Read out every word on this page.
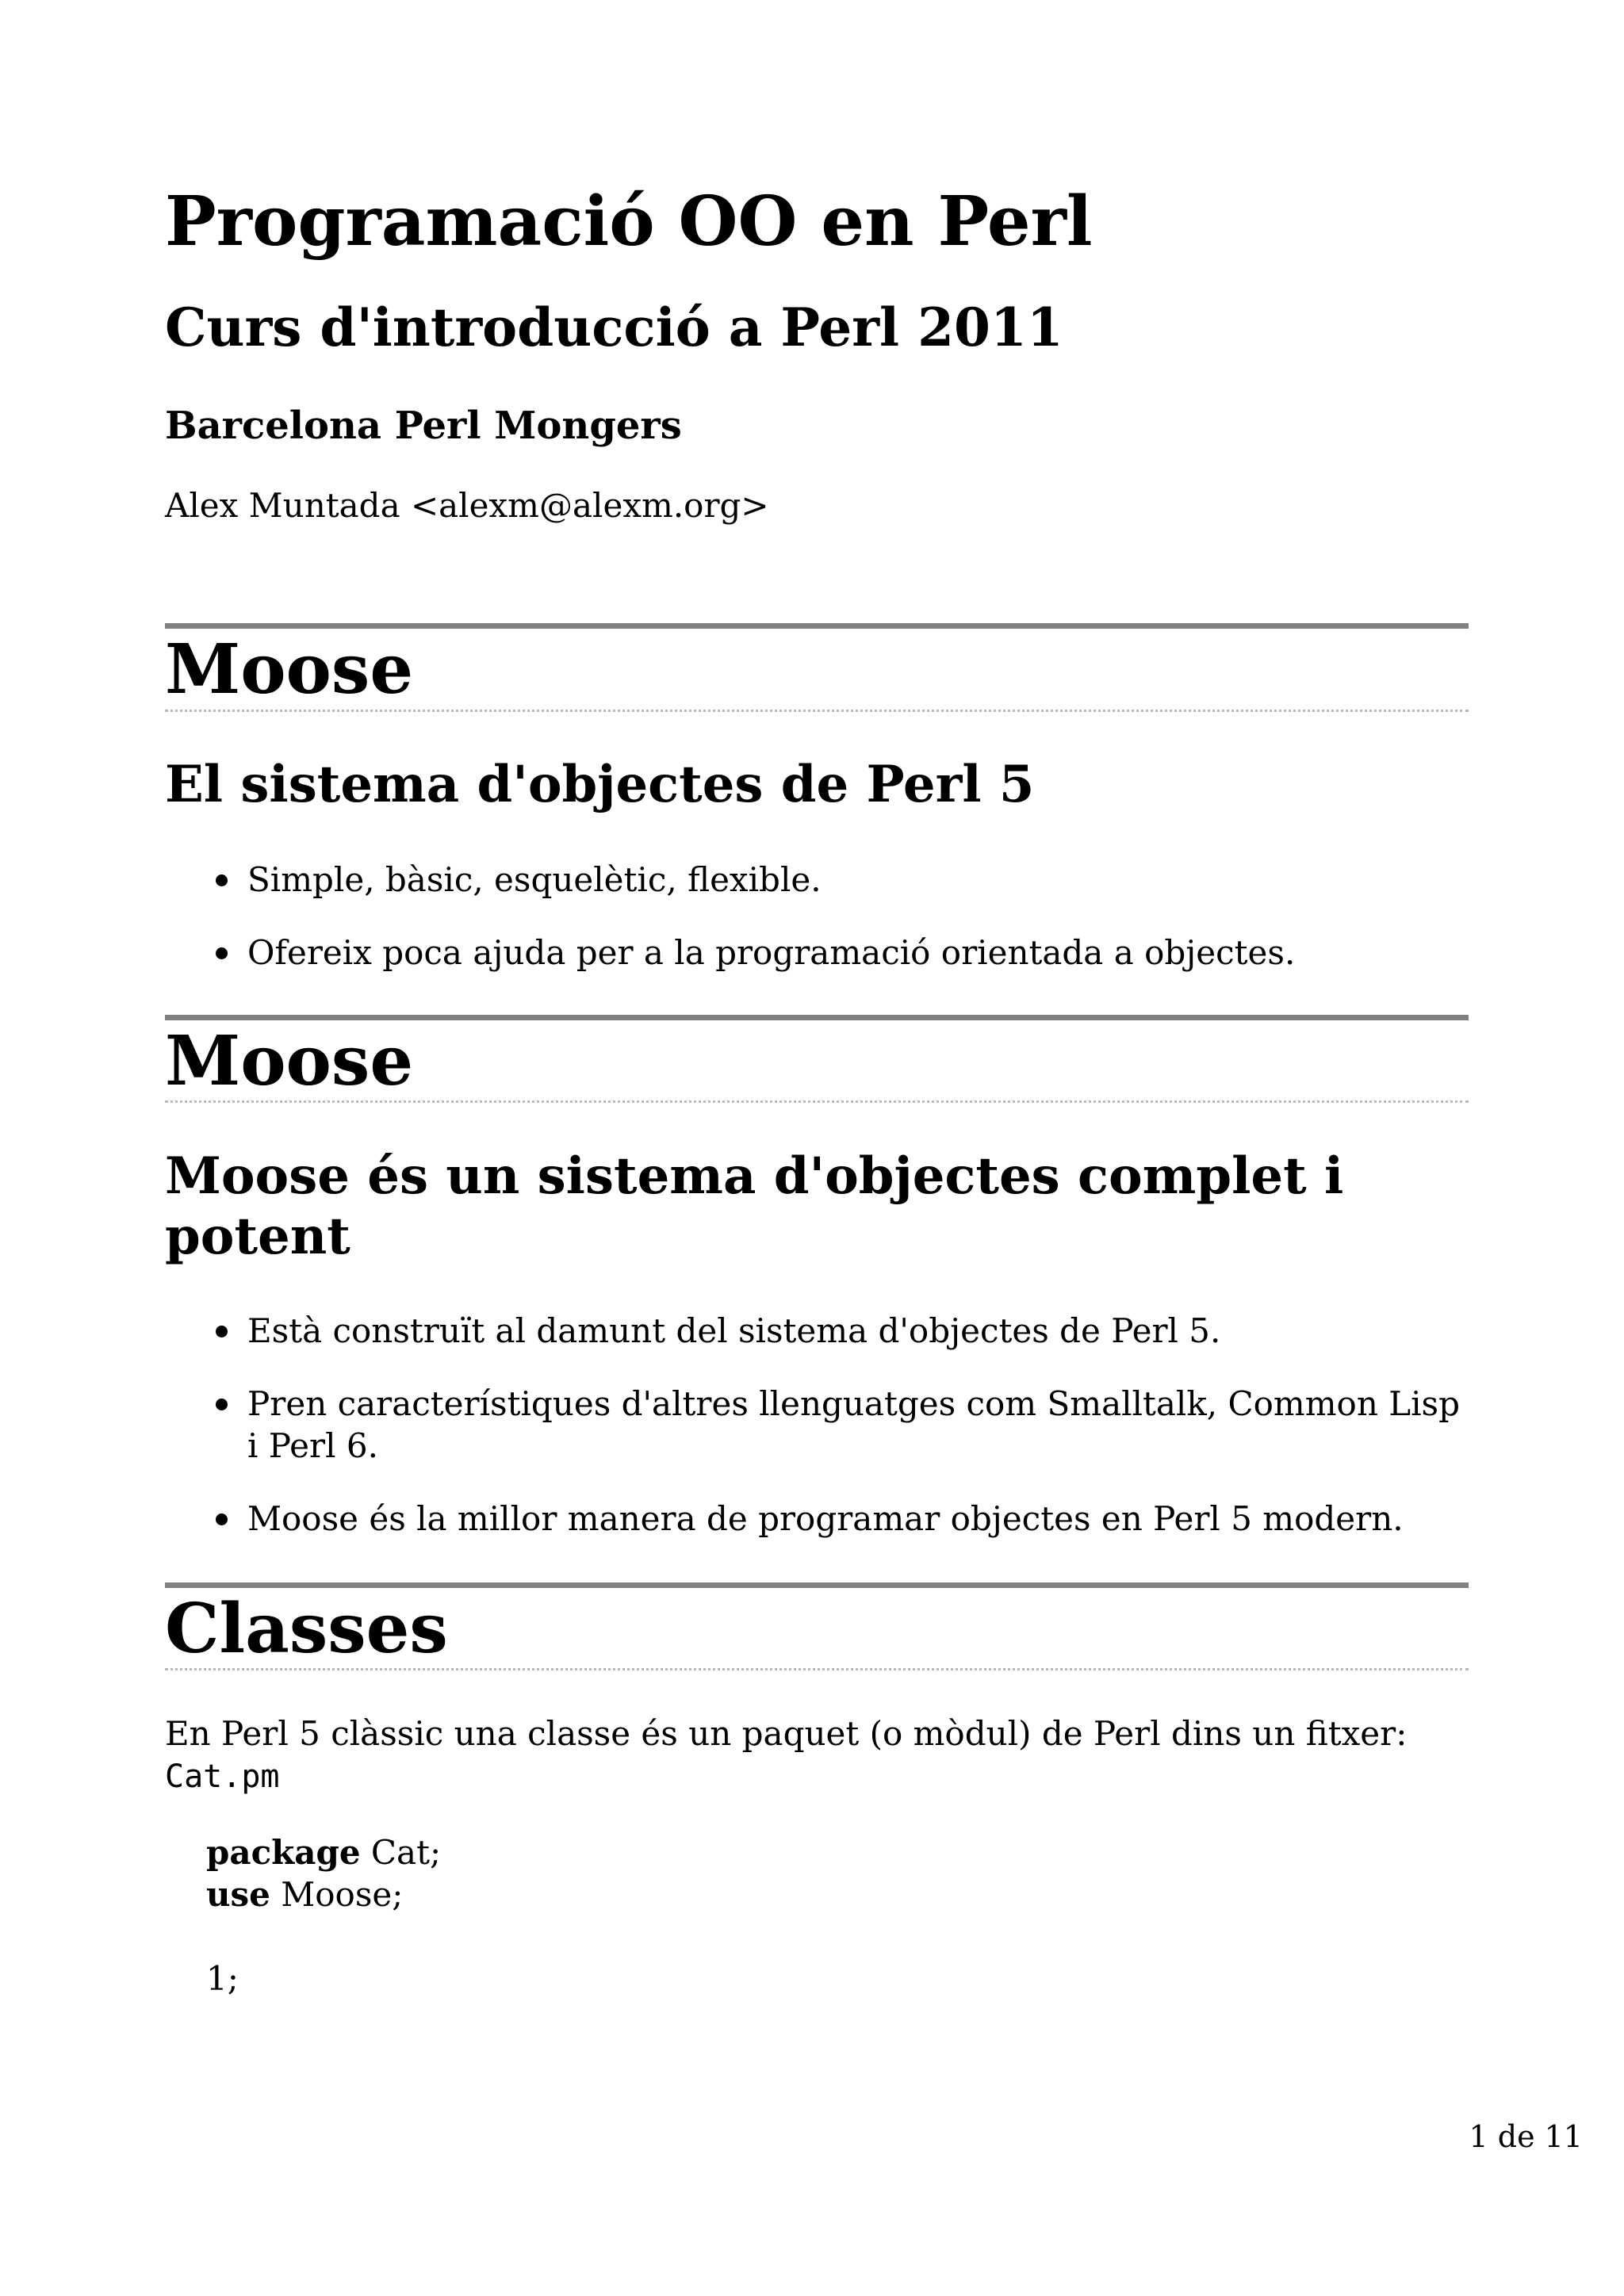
Programació OO en Perl
Curs d'introducció a Perl 2011
Barcelona Perl Mongers

Alex Muntada <alexm@alexm.org>

Moose
El sistema d'objectes de Perl 5
Simple, bàsic, esquelètic, flexible.
Ofereix poca ajuda per a la programació orientada a objectes.
Moose
Moose és un sistema d'objectes complet i potent
Està construït al damunt del sistema d'objectes de Perl 5.
Pren característiques d'altres llenguatges com Smalltalk, Common Lisp i Perl 6.
Moose és la millor manera de programar objectes en Perl 5 modern.
Classes

En Perl 5 clàssic una classe és un paquet (o mòdul) de Perl dins un fitxer:
Cat.pm

package Cat;
use Moose;
1;
1 de 11
